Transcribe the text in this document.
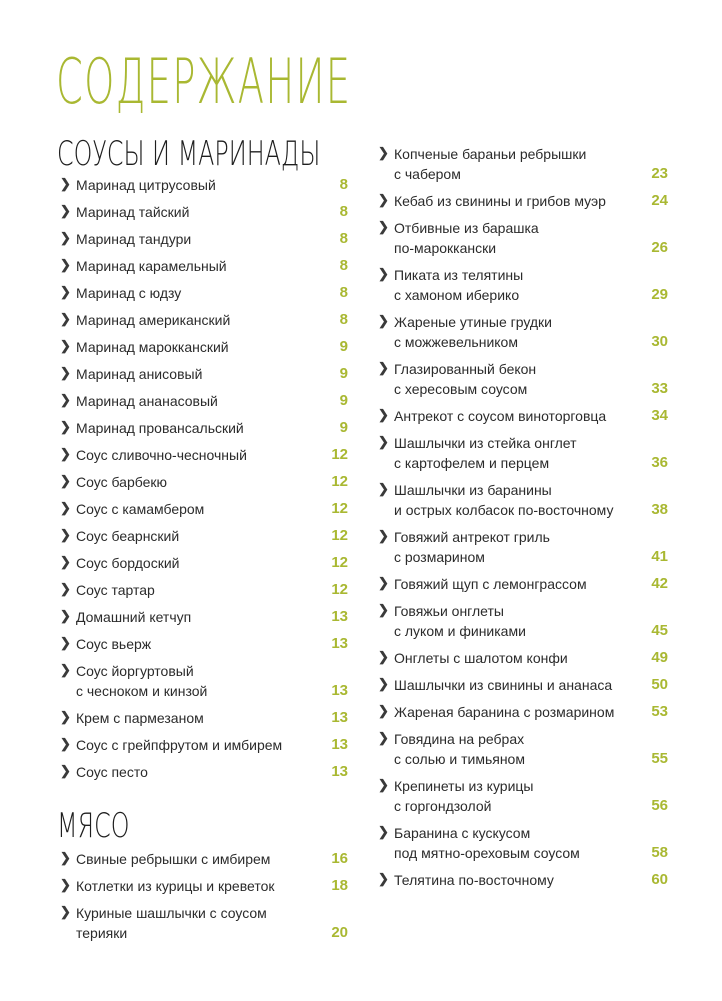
СОДЕРЖАНИЕ
СОУСЫ И МАРИНАДЫ
❯ Маринад цитрусовый	8
❯ Маринад тайский	8
❯ Маринад тандури	8
❯ Маринад карамельный	8
❯ Маринад с юдзу	8
❯ Маринад американский	8
❯ Маринад марокканский	9
❯ Маринад анисовый	9
❯ Маринад ананасовый	9
❯ Маринад провансальский	9
❯ Соус сливочно-чесночный	12
❯ Соус барбекю	12
❯ Соус с камамбером	12
❯ Соус беарнский	12
❯ Соус бордоский	12
❯ Соус тартар	12
❯ Домашний кетчуп	13
❯ Соус вьерж	13
❯ Соус йоргуртовый
с чесноком и кинзой	13
❯ Крем с пармезаном	13
❯ Соус с грейпфрутом и имбирем	13
❯ Соус песто	13
МЯСО
❯ Свиные ребрышки с имбирем	16
❯ Котлетки из курицы и креветок	18
❯ Куриные шашлычки с соусом терияки	20
❯ Копченые бараньи ребрышки
с чабером	23
❯ Кебаб из свинины и грибов муэр	24
❯ Отбивные из барашка
по-мароккански	26
❯ Пиката из телятины
с хамоном иберико	29
❯ Жареные утиные грудки
с можжевельником	30
❯ Глазированный бекон
с хересовым соусом	33
❯ Антрекот с соусом виноторговца	34
❯ Шашлычки из стейка онглет
с картофелем и перцем	36
❯ Шашлычки из баранины
и острых колбасок по-восточному	38
❯ Говяжий антрекот гриль
с розмарином	41
❯ Говяжий щуп с лемонграссом	42
❯ Говяжьи онглеты
с луком и финиками	45
❯ Онглеты с шалотом конфи	49
❯ Шашлычки из свинины и ананаса	50
❯ Жареная баранина с розмарином	53
❯ Говядина на ребрах
с солью и тимьяном	55
❯ Крепинеты из курицы
с горгондзолой	56
❯ Баранина с кускусом
под мятно-ореховым соусом	58
❯ Телятина по-восточному	60
